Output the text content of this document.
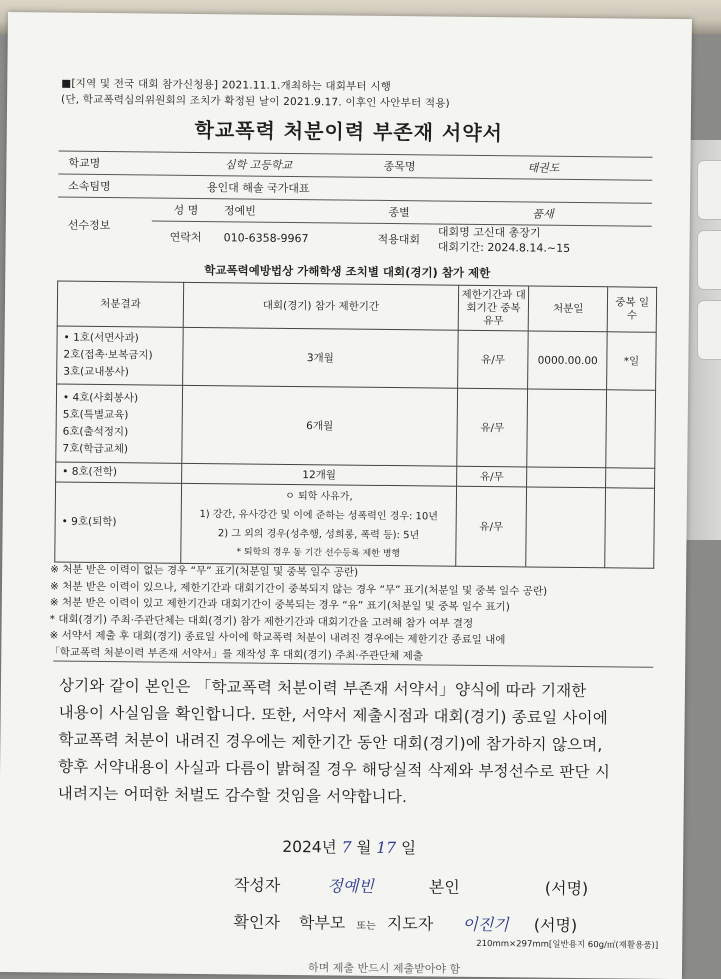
■[지역 및 전국 대회 참가신청용] 2021.11.1.개최하는 대회부터 시행
(단, 학교폭력심의위원회의 조치가 확정된 날이 2021.9.17. 이후인 사안부터 적용)
학교폭력 처분이력 부존재 서약서
학교명	심학 고등학교		종목명	태권도
소속팀명	용인대 해솔 국가대표			
선수정보	성 명	정예빈	종별	품새
	연락처	010-6358-9967	적용대회	대회명 고신대 총장기
대회기간: 2024.8.14.~15
학교폭력예방법상 가해학생 조치별 대회(경기) 참가 제한
처분결과	대회(경기) 참가 제한기간	제한기간과 대회기간 중복 유무	처분일	중복 일수
• 1호(서면사과)
2호(접촉·보복금지)
3호(교내봉사)	3개월	유/무	0000.00.00	*일
• 4호(사회봉사)
5호(특별교육)
6호(출석정지)
7호(학급교체)	6개월	유/무		
• 8호(전학)	12개월	유/무		
• 9호(퇴학)	ㅇ 퇴학 사유가,
1) 강간, 유사강간 및 이에 준하는 성폭력인 경우: 10년
2) 그 외의 경우(성추행, 성희롱, 폭력 등): 5년
* 퇴학의 경우 동 기간 선수등록 제한 병행	유/무		
※ 처분 받은 이력이 없는 경우 “무” 표기(처분일 및 중복 일수 공란)
※ 처분 받은 이력이 있으나, 제한기간과 대회기간이 중복되지 않는 경우 “무” 표기(처분일 및 중복 일수 공란)
※ 처분 받은 이력이 있고 제한기간과 대회기간이 중복되는 경우 “유” 표기(처분일 및 중복 일수 표기)
* 대회(경기) 주최·주관단체는 대회(경기) 참가 제한기간과 대회기간을 고려해 참가 여부 결정
※ 서약서 제출 후 대회(경기) 종료일 사이에 학교폭력 처분이 내려진 경우에는 제한기간 종료일 내에
「학교폭력 처분이력 부존재 서약서」를 재작성 후 대회(경기) 주최·주관단체 제출
상기와 같이 본인은 「학교폭력 처분이력 부존재 서약서」양식에 따라 기재한
내용이 사실임을 확인합니다. 또한, 서약서 제출시점과 대회(경기) 종료일 사이에
학교폭력 처분이 내려진 경우에는 제한기간 동안 대회(경기)에 참가하지 않으며,
향후 서약내용이 사실과 다름이 밝혀질 경우 해당실적 삭제와 부정선수로 판단 시
내려지는 어떠한 처벌도 감수할 것임을 서약합니다.
2024년 7 월 17 일
작성자	정예빈	본인	(서명)
확인자 학부모 또는 지도자 이진기 (서명)
210mm×297mm[일반용지 60g/㎡(재활용품)]
하며 제출 반드시 제출받아야 함
